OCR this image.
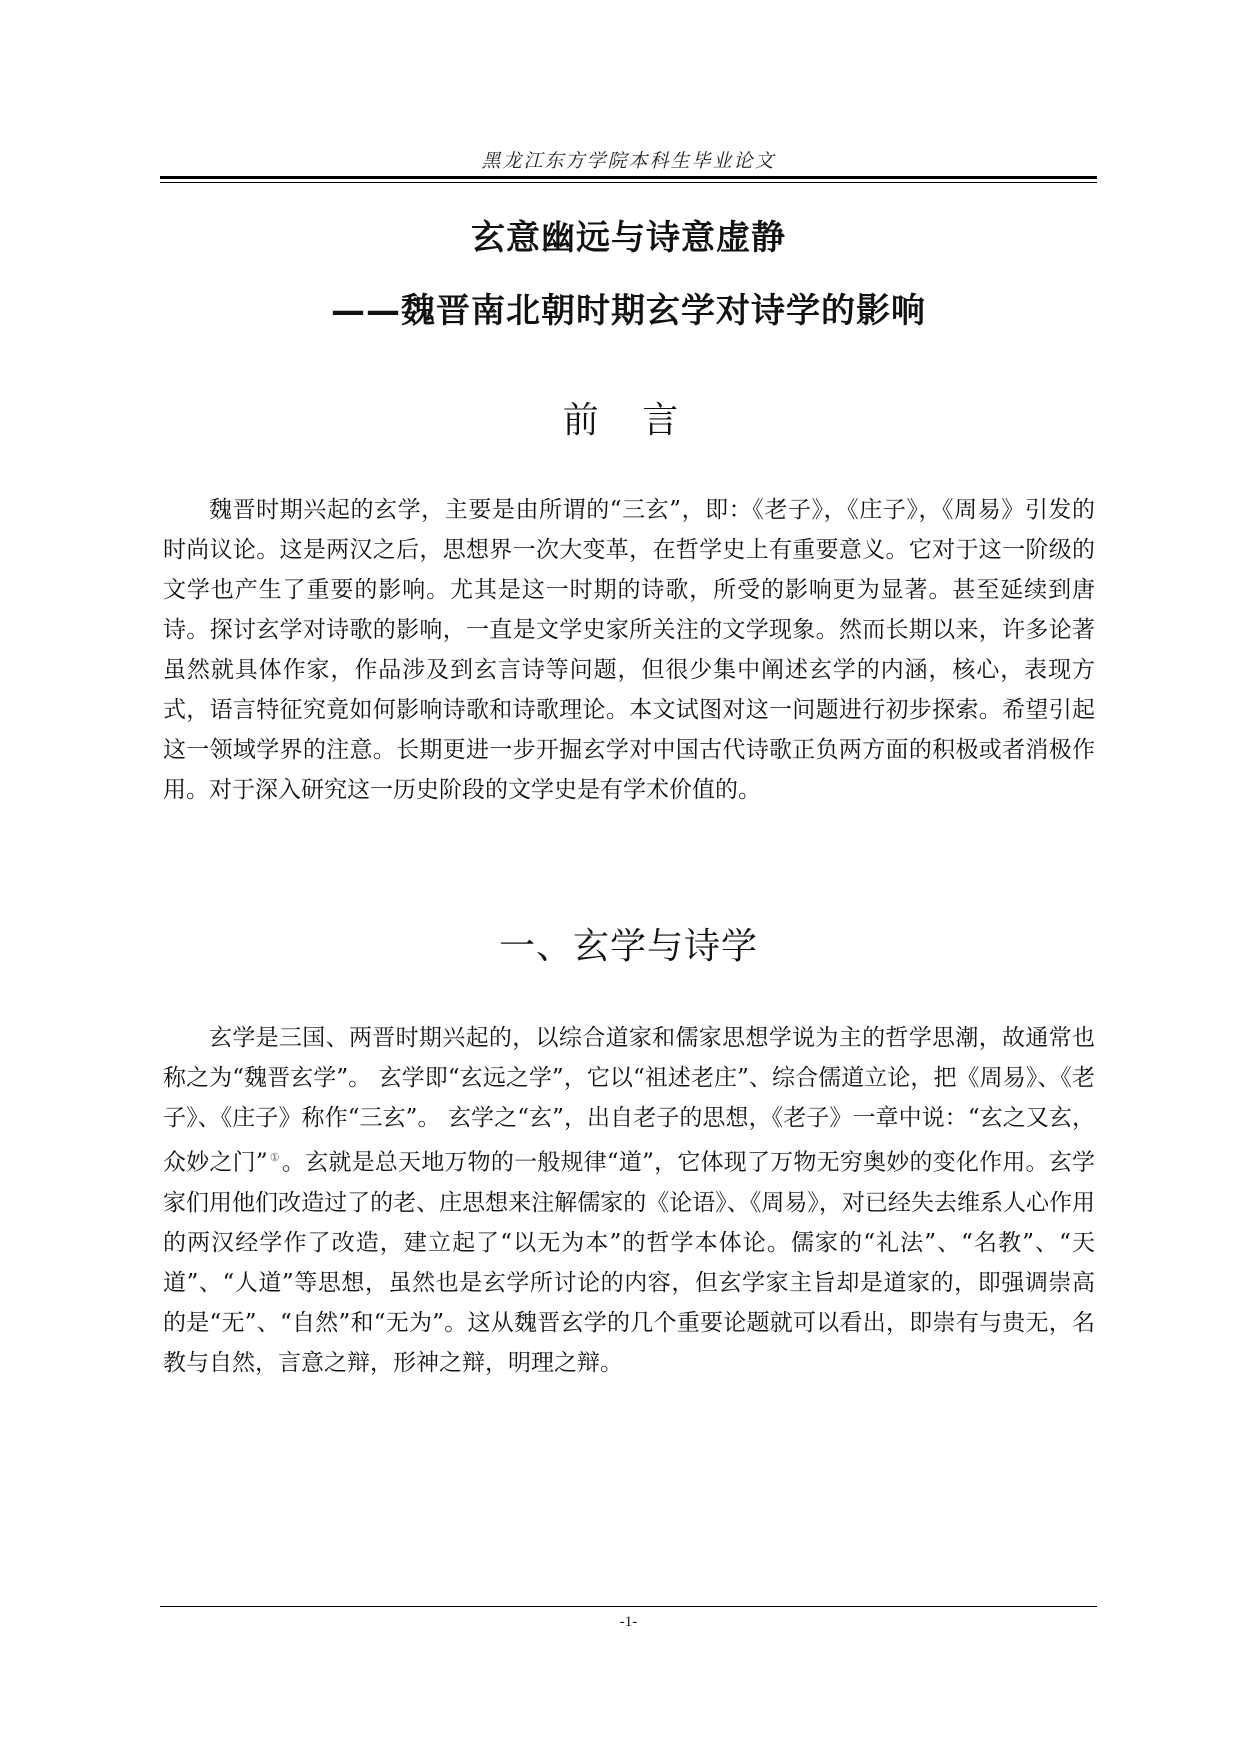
黑龙江东方学院本科生毕业论文
玄意幽远与诗意虚静
——魏晋南北朝时期玄学对诗学的影响
前 言

魏晋时期兴起的玄学，主要是由所谓的“三玄”，即：《老子》，《庄子》，《周易》引发的时尚议论。这是两汉之后，思想界一次大变革，在哲学史上有重要意义。它对于这一阶级的文学也产生了重要的影响。尤其是这一时期的诗歌，所受的影响更为显著。甚至延续到唐诗。探讨玄学对诗歌的影响，一直是文学史家所关注的文学现象。然而长期以来，许多论著虽然就具体作家，作品涉及到玄言诗等问题，但很少集中阐述玄学的内涵，核心，表现方式，语言特征究竟如何影响诗歌和诗歌理论。本文试图对这一问题进行初步探索。希望引起这一领域学界的注意。长期更进一步开掘玄学对中国古代诗歌正负两方面的积极或者消极作用。对于深入研究这一历史阶段的文学史是有学术价值的。

一、玄学与诗学

玄学是三国、两晋时期兴起的，以综合道家和儒家思想学说为主的哲学思潮，故通常也称之为“魏晋玄学”。 玄学即“玄远之学”，它以“祖述老庄”、综合儒道立论，把《周易》、《老子》、《庄子》称作“三玄”。 玄学之“玄”，出自老子的思想，《老子》一章中说：“玄之又玄，众妙之门” ①。玄就是总天地万物的一般规律“道”，它体现了万物无穷奥妙的变化作用。玄学家们用他们改造过了的老、庄思想来注解儒家的《论语》、《周易》，对已经失去维系人心作用的两汉经学作了改造，建立起了“以无为本”的哲学本体论。儒家的“礼法”、“名教”、“天道”、“人道”等思想，虽然也是玄学所讨论的内容，但玄学家主旨却是道家的，即强调崇高的是“无”、“自然”和“无为”。这从魏晋玄学的几个重要论题就可以看出，即崇有与贵无，名教与自然，言意之辩，形神之辩，明理之辩。

-1-
